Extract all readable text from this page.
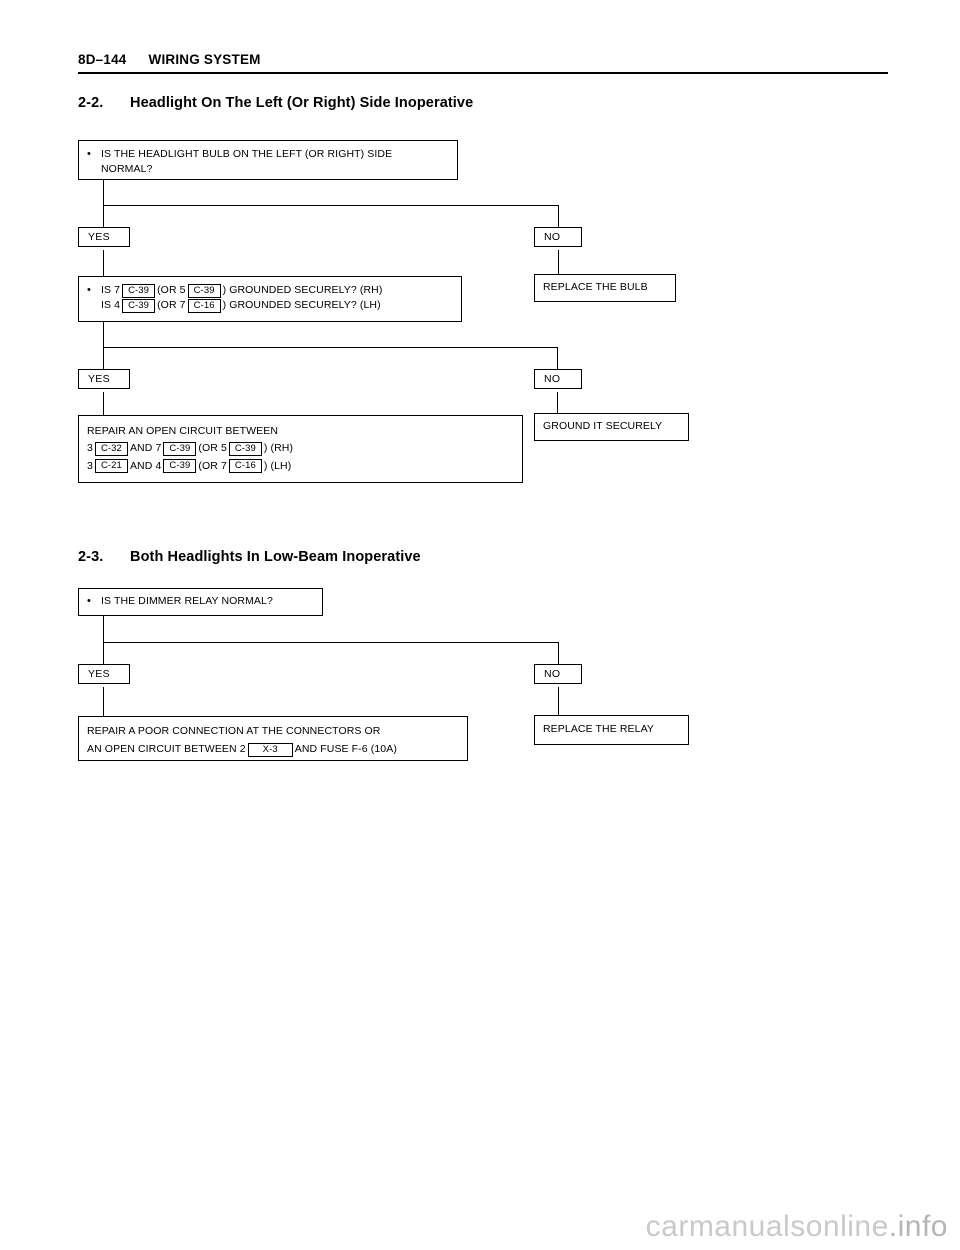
8D–144 WIRING SYSTEM
2-2. Headlight On The Left (Or Right) Side Inoperative
• IS THE HEADLIGHT BULB ON THE LEFT (OR RIGHT) SIDE
NORMAL?
YES	NO
REPLACE THE BULB
• IS 7 C-39 (OR 5 C-39 ) GROUNDED SECURELY? (RH)
IS 4 C-39 (OR 7 C-16 ) GROUNDED SECURELY? (LH)
YES	NO
GROUND IT SECURELY
REPAIR AN OPEN CIRCUIT BETWEEN
3 C-32 AND 7 C-39 (OR 5 C-39 ) (RH)
3 C-21 AND 4 C-39 (OR 7 C-16 ) (LH)
2-3. Both Headlights In Low-Beam Inoperative
• IS THE DIMMER RELAY NORMAL?
YES	NO
REPLACE THE RELAY
REPAIR A POOR CONNECTION AT THE CONNECTORS OR
AN OPEN CIRCUIT BETWEEN 2 X-3 AND FUSE F-6 (10A)
carmanualsonline.info
